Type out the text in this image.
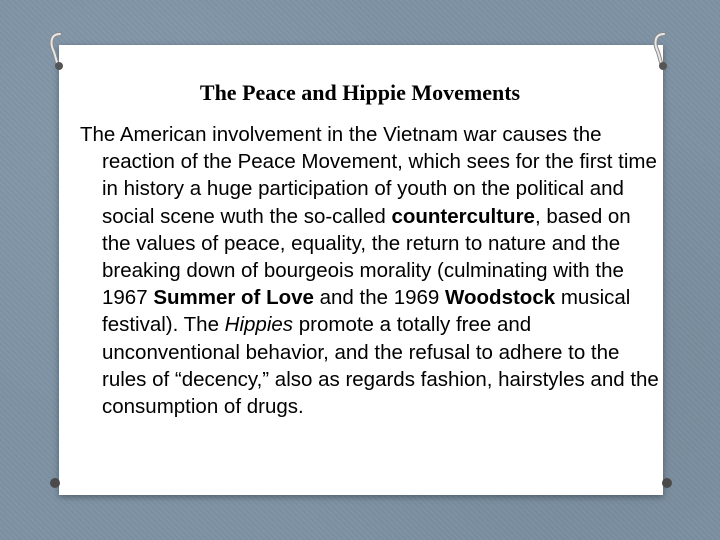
The Peace and Hippie Movements

The American involvement in the Vietnam war causes the reaction of the Peace Movement, which sees for the first time in history a huge participation of youth on the political and social scene wuth the so-called counterculture, based on the values of peace, equality, the return to nature and the breaking down of bourgeois morality (culminating with the 1967 Summer of Love and the 1969 Woodstock musical festival). The Hippies promote a totally free and unconventional behavior, and the refusal to adhere to the rules of “decency,” also as regards fashion, hairstyles and the consumption of drugs.
